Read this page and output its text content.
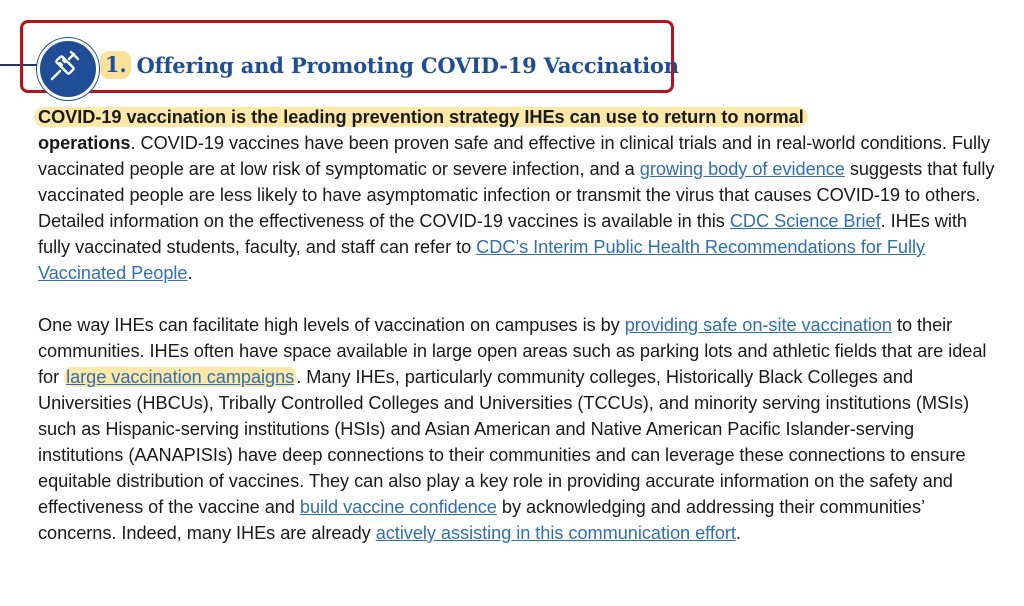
1. Offering and Promoting COVID-19 Vaccination

COVID-19 vaccination is the leading prevention strategy IHEs can use to return to normal
operations. COVID-19 vaccines have been proven safe and effective in clinical trials and in real-world conditions. Fully vaccinated people are at low risk of symptomatic or severe infection, and a growing body of evidence suggests that fully vaccinated people are less likely to have asymptomatic infection or transmit the virus that causes COVID-19 to others. Detailed information on the effectiveness of the COVID-19 vaccines is available in this CDC Science Brief. IHEs with fully vaccinated students, faculty, and staff can refer to CDC’s Interim Public Health Recommendations for Fully Vaccinated People.

One way IHEs can facilitate high levels of vaccination on campuses is by providing safe on-site vaccination to their communities. IHEs often have space available in large open areas such as parking lots and athletic fields that are ideal for large vaccination campaigns . Many IHEs, particularly community colleges, Historically Black Colleges and Universities (HBCUs), Tribally Controlled Colleges and Universities (TCCUs), and minority serving institutions (MSIs) such as Hispanic-serving institutions (HSIs) and Asian American and Native American Pacific Islander-serving institutions (AANAPISIs) have deep connections to their communities and can leverage these connections to ensure equitable distribution of vaccines. They can also play a key role in providing accurate information on the safety and effectiveness of the vaccine and build vaccine confidence by acknowledging and addressing their communities’ concerns. Indeed, many IHEs are already actively assisting in this communication effort.
